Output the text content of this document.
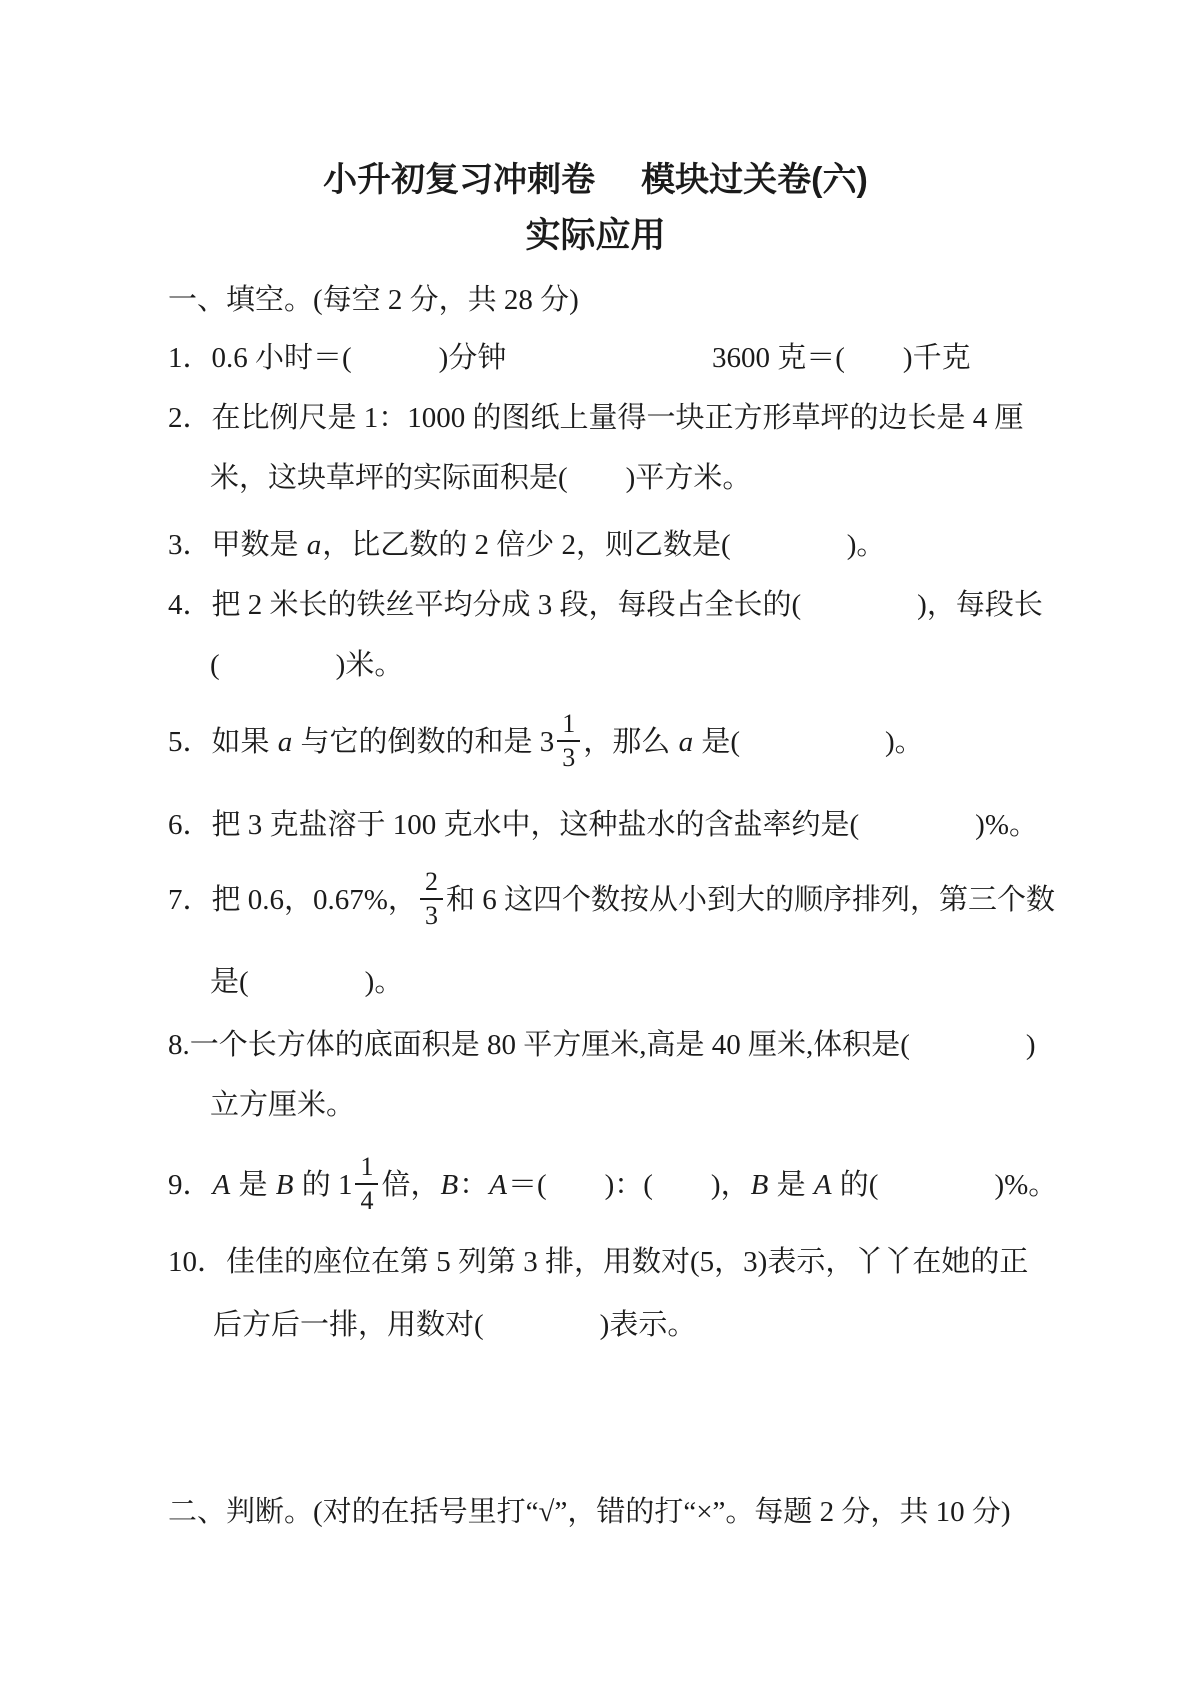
小升初复习冲刺卷 模块过关卷(六)
实际应用
一、填空。(每空 2 分，共 28 分)
1．0.6 小时＝(　　　)分钟	3600 克＝(　　)千克
2．在比例尺是 1：1000 的图纸上量得一块正方形草坪的边长是 4 厘
米，这块草坪的实际面积是(　　)平方米。
3．甲数是 a，比乙数的 2 倍少 2，则乙数是(　　　　)。
4．把 2 米长的铁丝平均分成 3 段，每段占全长的(　　　　)，每段长
(　　　　)米。
5．如果 a 与它的倒数的和是 $3 \frac{1}{3}$ ，那么 a 是(　　　　　)。
6．把 3 克盐溶于 100 克水中，这种盐水的含盐率约是(　　　　)%。
7．把 0.6，0.67%， $\frac{2}{3}$ 和 6 这四个数按从小到大的顺序排列，第三个数
是(　　　　)。
8.一个长方体的底面积是 80 平方厘米,高是 40 厘米,体积是(　　　　)
立方厘米。
9．A 是 B 的 $1 \frac{1}{4}$ 倍，B：A＝(　　)：(　　)，B 是 A 的(　　　　)%。
10．佳佳的座位在第 5 列第 3 排，用数对(5，3)表示，丫丫在她的正
后方后一排，用数对(　　　　)表示。
二、判断。(对的在括号里打“√”，错的打“×”。每题 2 分，共 10 分)
